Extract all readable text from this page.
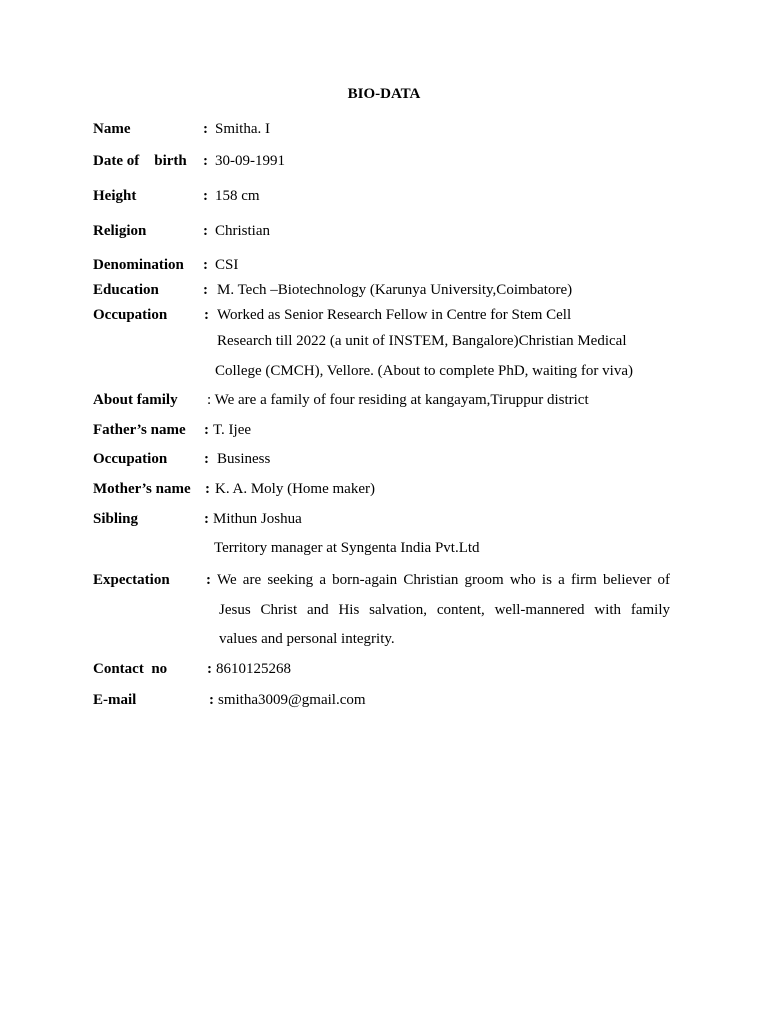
BIO-DATA
Name	: Smitha. I
Date of    birth : 30-09-1991
Height	: 158 cm
Religion	: Christian
Denomination : CSI
Education	: M. Tech –Biotechnology (Karunya University,Coimbatore)
Occupation : Worked as Senior Research Fellow in Centre for Stem Cell
Research till 2022 (a unit of INSTEM, Bangalore)Christian Medical
College (CMCH), Vellore. (About to complete PhD, waiting for viva)
About family : We are a family of four residing at kangayam,Tiruppur district
Father’s name : T. Ijee
Occupation : Business
Mother’s name : K. A. Moly (Home maker)
Sibling	: Mithun Joshua
Territory manager at Syngenta India Pvt.Ltd
Expectation : We are seeking a born-again Christian groom who is a firm believer of
Jesus Christ and His salvation, content, well-mannered with family
values and personal integrity.
Contact  no	: 8610125268
E-mail	: smitha3009@gmail.com
